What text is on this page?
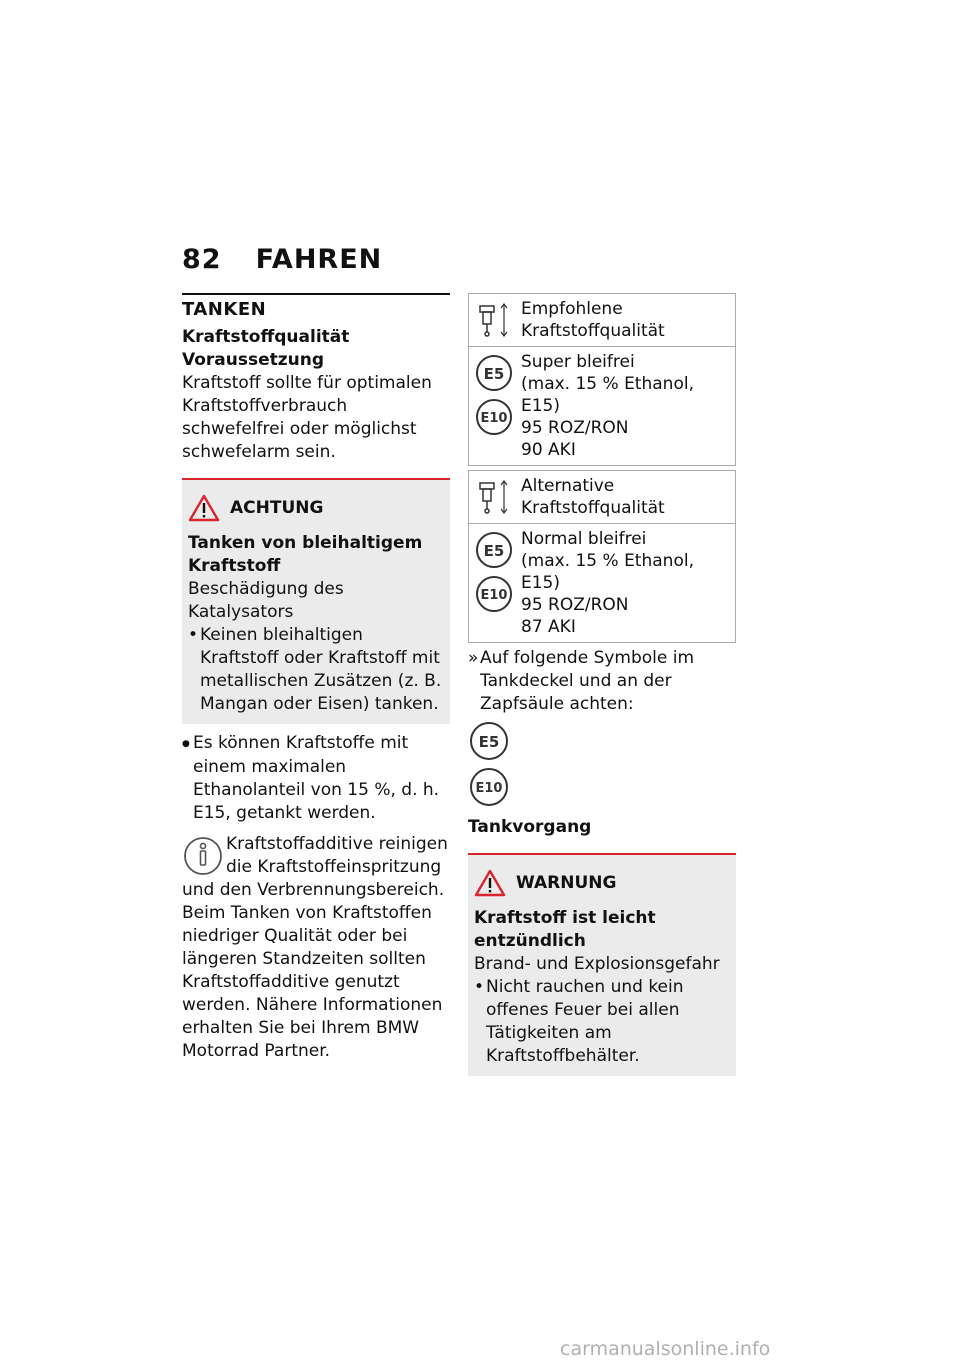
82 FAHREN
TANKEN
Kraftstoffqualität
Voraussetzung
Kraftstoff sollte für optimalen Kraftstoffverbrauch schwefelfrei oder möglichst schwefelarm sein.
ACHTUNG
Tanken von bleihaltigem Kraftstoff
Beschädigung des Katalysators
• Keinen bleihaltigen Kraftstoff oder Kraftstoff mit metallischen Zusätzen (z. B. Mangan oder Eisen) tanken.
● Es können Kraftstoffe mit einem maximalen Ethanolanteil von 15 %, d. h. E15, getankt werden.
Kraftstoffadditive reinigen die Kraftstoffeinspritzung und den Verbrennungsbereich. Beim Tanken von Kraftstoffen niedriger Qualität oder bei längeren Standzeiten sollten Kraftstoffadditive genutzt werden. Nähere Informationen erhalten Sie bei Ihrem BMW Motorrad Partner.
Empfohlene Kraftstoffqualität
E5
E10
Super bleifrei
(max. 15 % Ethanol,
E15)
95 ROZ/RON
90 AKI
Alternative Kraftstoffqualität
E5
E10
Normal bleifrei
(max. 15 % Ethanol,
E15)
95 ROZ/RON
87 AKI
» Auf folgende Symbole im Tankdeckel und an der Zapfsäule achten:
E5
E10
Tankvorgang
WARNUNG
Kraftstoff ist leicht entzündlich
Brand- und Explosionsgefahr
• Nicht rauchen und kein offenes Feuer bei allen Tätigkeiten am Kraftstoffbehälter.
carmanualsonline.info
